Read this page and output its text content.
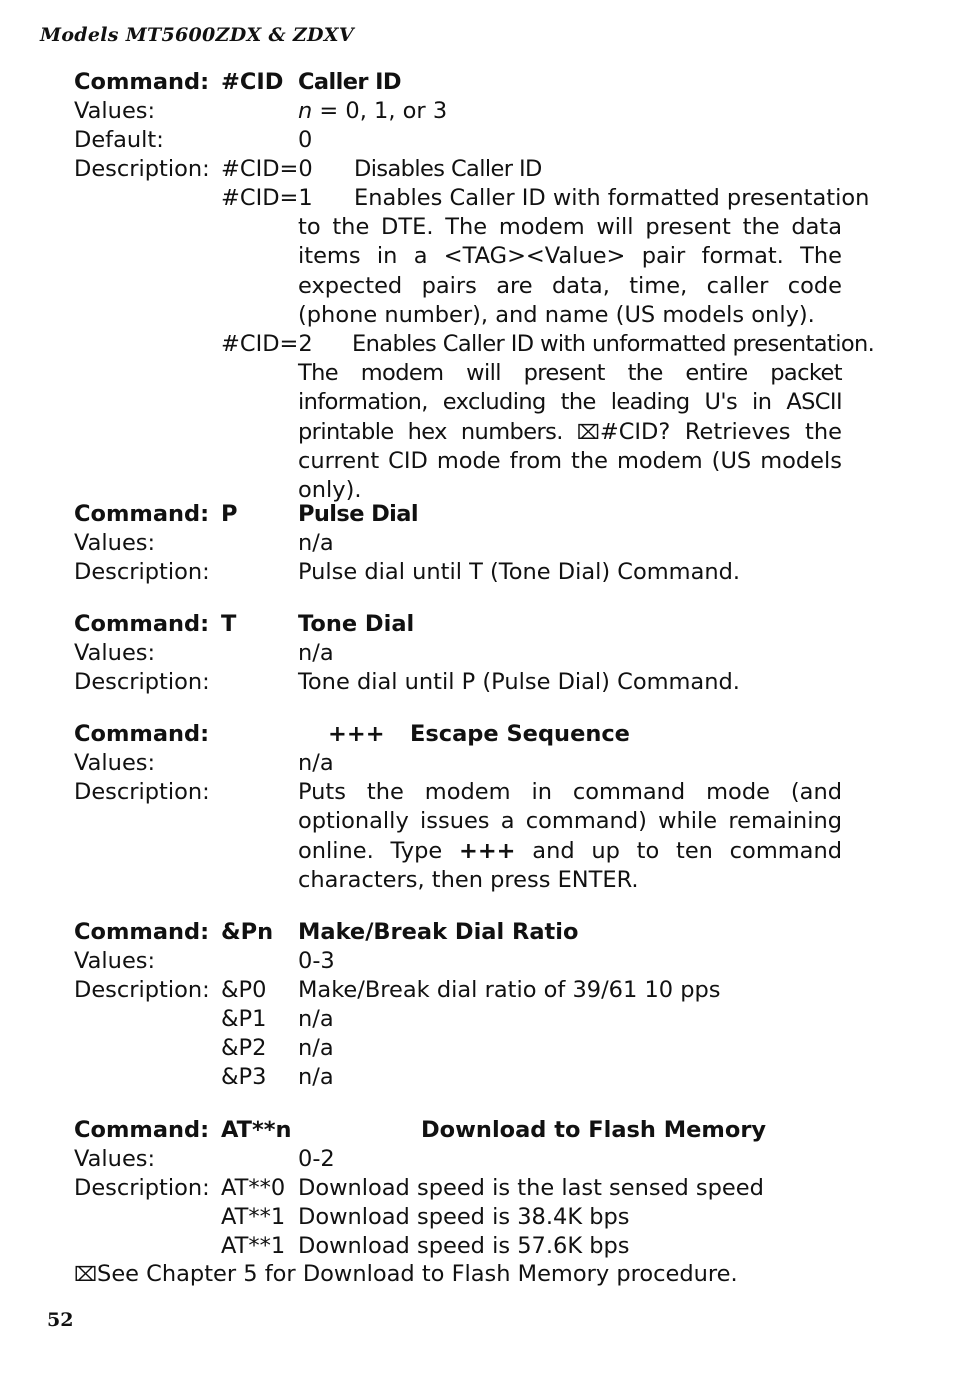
Models MT5600ZDX & ZDXV
Command: #CID Caller ID
Values:	n = 0, 1, or 3
Default:	0
Description: #CID=0 Disables Caller ID
#CID=1 Enables Caller ID with formatted presentation
to the DTE. The modem will present the data items in a <TAG><Value> pair format. The expected pairs are data, time, caller code (phone number), and name (US models only).
#CID=2 Enables Caller ID with unformatted presentation.
The modem will present the entire packet information, excluding the leading U's in ASCII printable hex numbers. ⌧#CID? Retrieves the current CID mode from the modem (US models only).
Command: P	Pulse Dial
Values:	n/a
Description:	Pulse dial until T (Tone Dial) Command.
Command: T	Tone Dial
Values:	n/a
Description:	Tone dial until P (Pulse Dial) Command.
Command:	+++ Escape Sequence
Values:	n/a
Description:	Puts the modem in command mode (and optionally issues a command) while remaining online. Type +++ and up to ten command characters, then press ENTER.
Command: &Pn Make/Break Dial Ratio
Values:	0-3
Description: &P0 Make/Break dial ratio of 39/61 10 pps
&P1 n/a
&P2 n/a
&P3 n/a
Command: AT**n	Download to Flash Memory
Values:	0-2
Description: AT**0 Download speed is the last sensed speed
AT**1 Download speed is 38.4K bps
AT**1 Download speed is 57.6K bps
⌧See Chapter 5 for Download to Flash Memory procedure.
52
